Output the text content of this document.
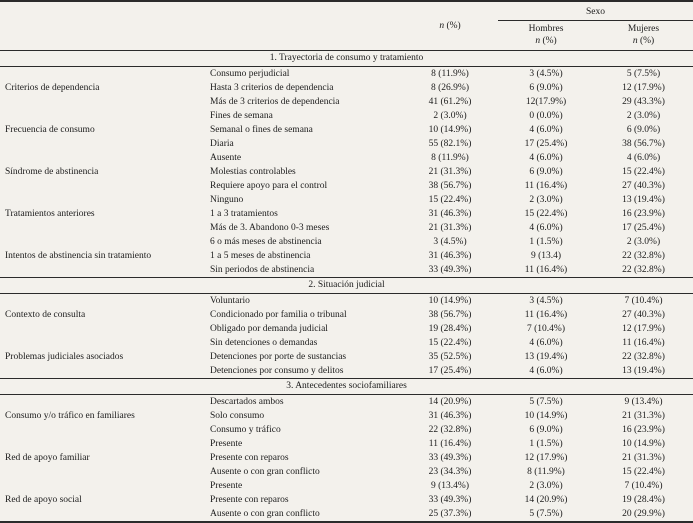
		n (%)	Sexo	
			Hombres	Mujeres
			n (%)	n (%)
1. Trayectoria de consumo y tratamiento				
	Consumo perjudicial	8 (11.9%)	3 (4.5%)	5 (7.5%)
Criterios de dependencia	Hasta 3 criterios de dependencia	8 (26.9%)	6 (9.0%)	12 (17.9%)
	Más de 3 criterios de dependencia	41 (61.2%)	12(17.9%)	29 (43.3%)
	Fines de semana	2 (3.0%)	0 (0.0%)	2 (3.0%)
Frecuencia de consumo	Semanal o fines de semana	10 (14.9%)	4 (6.0%)	6 (9.0%)
	Diaria	55 (82.1%)	17 (25.4%)	38 (56.7%)
	Ausente	8 (11.9%)	4 (6.0%)	4 (6.0%)
Síndrome de abstinencia	Molestias controlables	21 (31.3%)	6 (9.0%)	15 (22.4%)
	Requiere apoyo para el control	38 (56.7%)	11 (16.4%)	27 (40.3%)
	Ninguno	15 (22.4%)	2 (3.0%)	13 (19.4%)
Tratamientos anteriores	1 a 3 tratamientos	31 (46.3%)	15 (22.4%)	16 (23.9%)
	Más de 3. Abandono 0-3 meses	21 (31.3%)	4 (6.0%)	17 (25.4%)
	6 o más meses de abstinencia	3 (4.5%)	1 (1.5%)	2 (3.0%)
Intentos de abstinencia sin tratamiento	1 a 5 meses de abstinencia	31 (46.3%)	9 (13.4)	22 (32.8%)
	Sin periodos de abstinencia	33 (49.3%)	11 (16.4%)	22 (32.8%)
2. Situación judicial				
	Voluntario	10 (14.9%)	3 (4.5%)	7 (10.4%)
Contexto de consulta	Condicionado por familia o tribunal	38 (56.7%)	11 (16.4%)	27 (40.3%)
	Obligado por demanda judicial	19 (28.4%)	7 (10.4%)	12 (17.9%)
	Sin detenciones o demandas	15 (22.4%)	4 (6.0%)	11 (16.4%)
Problemas judiciales asociados	Detenciones por porte de sustancias	35 (52.5%)	13 (19.4%)	22 (32.8%)
	Detenciones por consumo y delitos	17 (25.4%)	4 (6.0%)	13 (19.4%)
3. Antecedentes sociofamiliares				
	Descartados ambos	14 (20.9%)	5 (7.5%)	9 (13.4%)
Consumo y/o tráfico en familiares	Solo consumo	31 (46.3%)	10 (14.9%)	21 (31.3%)
	Consumo y tráfico	22 (32.8%)	6 (9.0%)	16 (23.9%)
	Presente	11 (16.4%)	1 (1.5%)	10 (14.9%)
Red de apoyo familiar	Presente con reparos	33 (49.3%)	12 (17.9%)	21 (31.3%)
	Ausente o con gran conflicto	23 (34.3%)	8 (11.9%)	15 (22.4%)
	Presente	9 (13.4%)	2 (3.0%)	7 (10.4%)
Red de apoyo social	Presente con reparos	33 (49.3%)	14 (20.9%)	19 (28.4%)
	Ausente o con gran conflicto	25 (37.3%)	5 (7.5%)	20 (29.9%)
